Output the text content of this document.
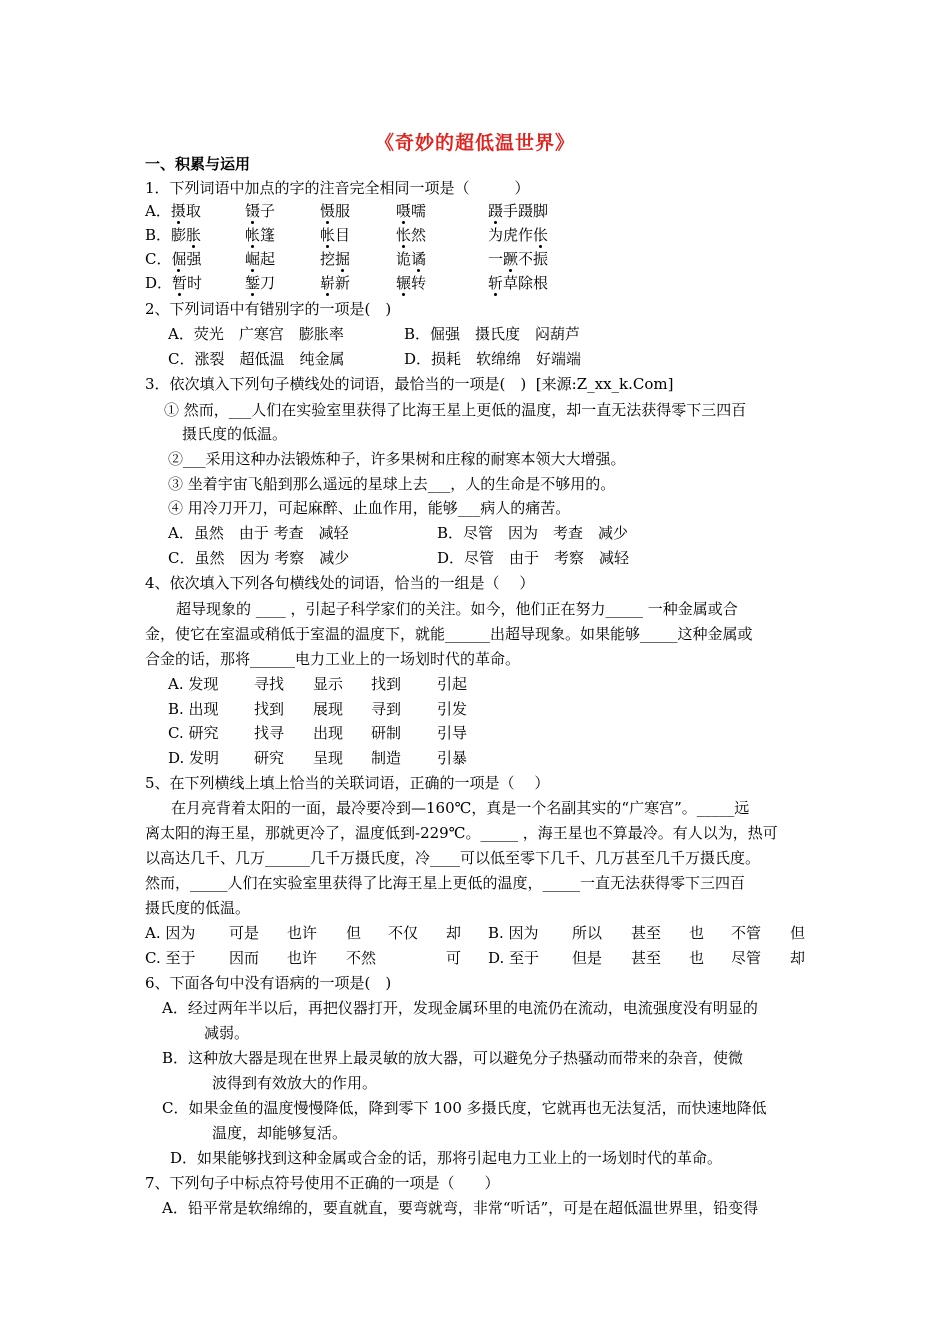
《奇妙的超低温世界》
一、积累与运用
1．下列词语中加点的字的注音完全相同一项是（　　　）
A．摄取	镊子	慑服	嗫嚅	蹑手蹑脚
B．膨胀	帐篷	帐目	怅然	为虎作伥
C．倔强	崛起	挖掘	诡谲	一蹶不振
D．暂时	錾刀	崭新	辗转	斩草除根
2、下列词语中有错别字的一项是(　)
A．荧光　广寒宫　膨胀率	B．倔强　摄氏度　闷葫芦
C．涨裂　超低温　纯金属	D．损耗　软绵绵　好端端
3．依次填入下列句子横线处的词语，最恰当的一项是(　)  [来源:Z_xx_k.Com]
① 然而，___人们在实验室里获得了比海王星上更低的温度，却一直无法获得零下三四百
摄氏度的低温。
②___采用这种办法锻炼种子，许多果树和庄稼的耐寒本领大大增强。
③ 坐着宇宙飞船到那么遥远的星球上去___，人的生命是不够用的。
④ 用冷刀开刀，可起麻醉、止血作用，能够___病人的痛苦。
A．虽然　由于 考查　减轻	B．尽管　因为　考查　减少
C．虽然　因为 考察　减少	D．尽管　由于　考察　减轻
4、依次填入下列各句横线处的词语，恰当的一组是（　 ）
超导现象的 ____ ，引起子科学家们的关注。如今，他们正在努力_____ 一种金属或合
金，使它在室温或稍低于室温的温度下，就能______出超导现象。如果能够_____这种金属或
合金的话，那将______电力工业上的一场划时代的革命。
A. 发现 寻找 显示 找到 引起
B. 出现 找到 展现 寻到 引发
C. 研究 找寻 出现 研制 引导
D. 发明 研究 呈现 制造 引暴
5、在下列横线上填上恰当的关联词语，正确的一项是（　 ）
在月亮背着太阳的一面，最冷要冷到—160℃，真是一个名副其实的“广寒宫”。_____远
离太阳的海王星，那就更冷了，温度低到-229℃。_____ ，海王星也不算最冷。有人以为，热可
以高达几千、几万______几千万摄氏度，冷____可以低至零下几千、几万甚至几千万摄氏度。
然而，_____人们在实验室里获得了比海王星上更低的温度，_____一直无法获得零下三四百
摄氏度的低温。
A. 因为 可是 也许 但 不仅 却 B. 因为 所以 甚至 也 不管 但
C. 至于 因而 也许 不然	可 D. 至于 但是 甚至 也 尽管 却
6、下面各句中没有语病的一项是(　)
A．经过两年半以后，再把仪器打开，发现金属环里的电流仍在流动，电流强度没有明显的
减弱。
B．这种放大器是现在世界上最灵敏的放大器，可以避免分子热骚动而带来的杂音，使微
波得到有效放大的作用。
C．如果金鱼的温度慢慢降低，降到零下 100 多摄氏度，它就再也无法复活，而快速地降低
温度，却能够复活。
D．如果能够找到这种金属或合金的话，那将引起电力工业上的一场划时代的革命。
7、下列句子中标点符号使用不正确的一项是（　　）
A．铅平常是软绵绵的，要直就直，要弯就弯，非常“听话”，可是在超低温世界里，铅变得
